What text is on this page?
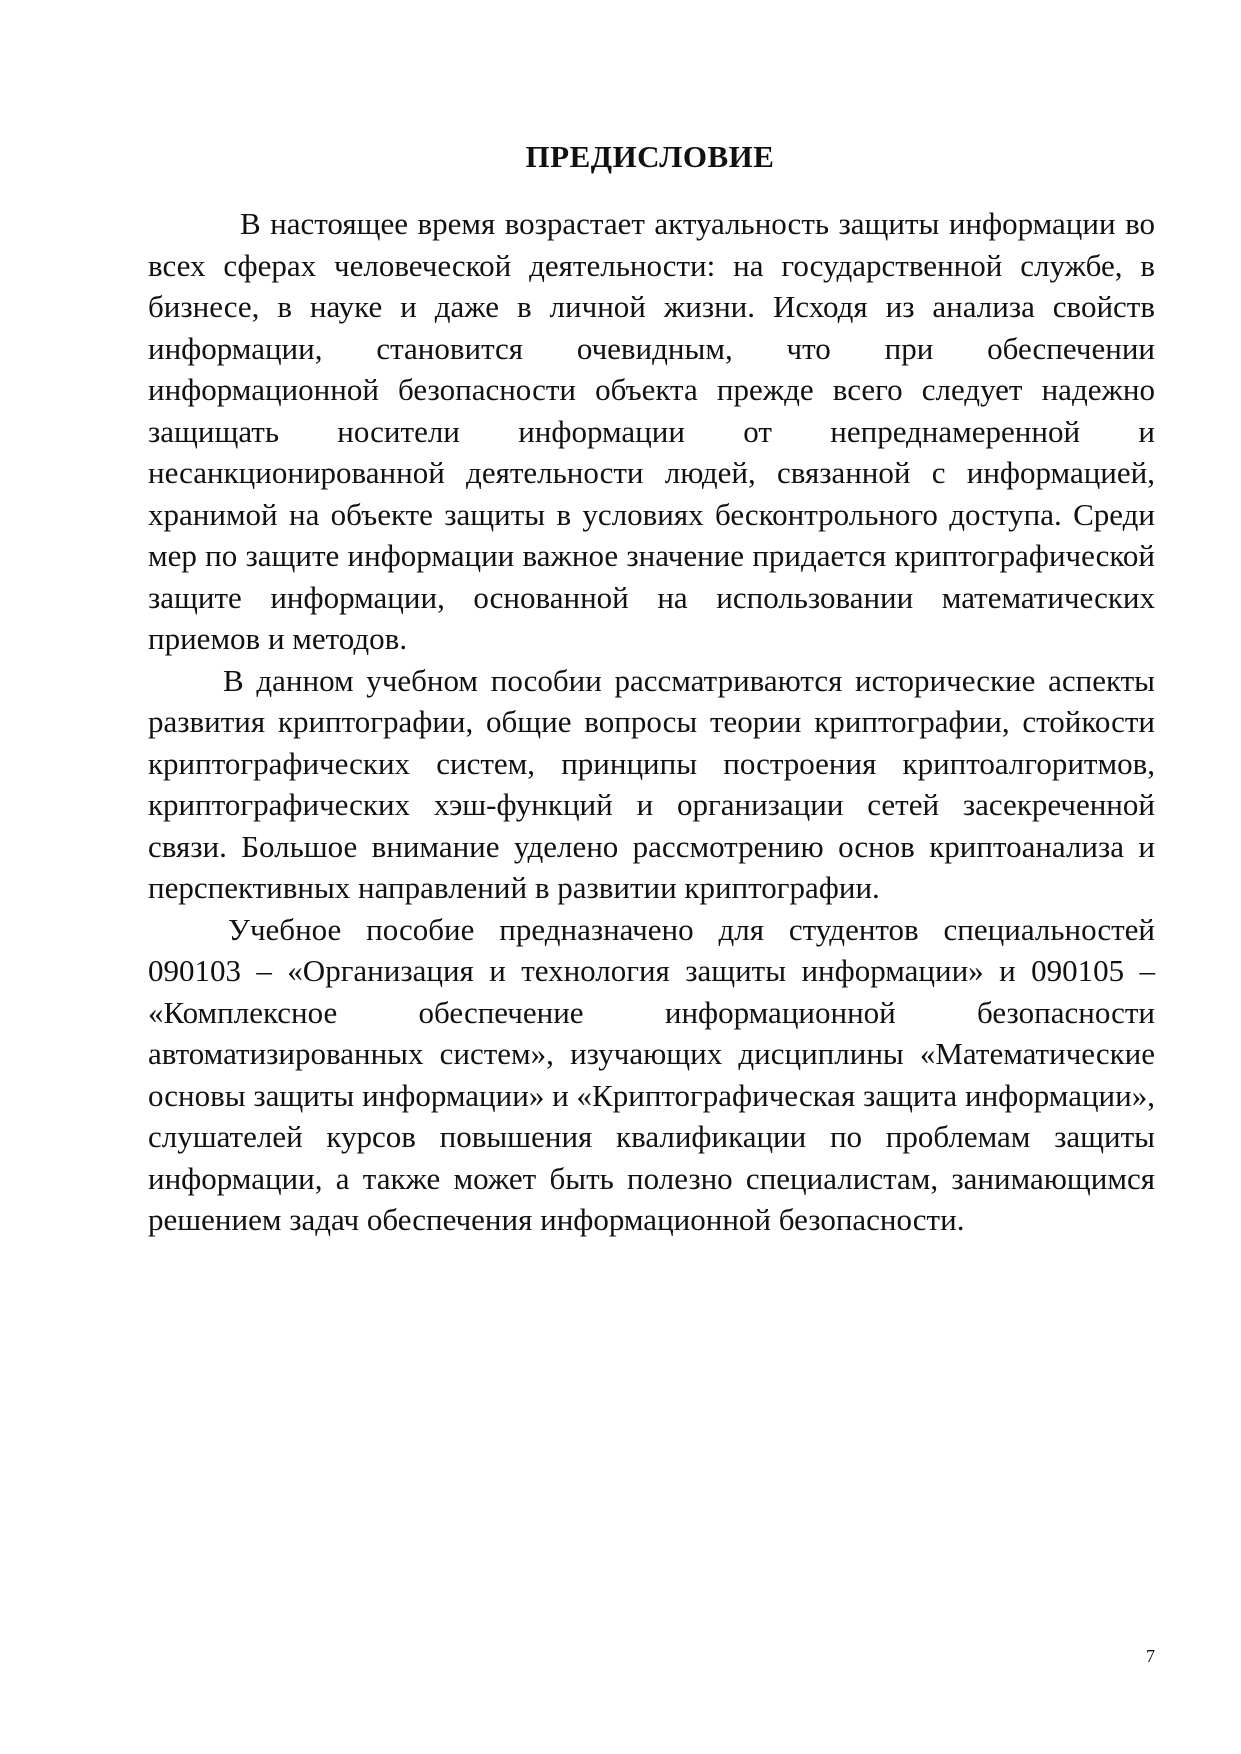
ПРЕДИСЛОВИЕ

В настоящее время возрастает актуальность защиты информации во всех сферах человеческой деятельности: на государственной службе, в бизнесе, в науке и даже в личной жизни. Исходя из анализа свойств информации, становится очевидным, что при обеспечении информационной безопасности объекта прежде всего следует надежно защищать носители информации от непреднамеренной и несанкционированной деятельности людей, связанной с информацией, хранимой на объекте защиты в условиях бесконтрольного доступа. Среди мер по защите информации важное значение придается криптографической защите информации, основанной на использовании математических приемов и методов.

В данном учебном пособии рассматриваются исторические аспекты развития криптографии, общие вопросы теории криптографии, стойкости криптографических систем, принципы построения криптоалгоритмов, криптографических хэш-функций и организации сетей засекреченной связи. Большое внимание уделено рассмотрению основ криптоанализа и перспективных направлений в развитии криптографии.

Учебное пособие предназначено для студентов специальностей 090103 – «Организация и технология защиты информации» и 090105 – «Комплексное обеспечение информационной безопасности автоматизированных систем», изучающих дисциплины «Математические основы защиты информации» и «Криптографическая защита информации», слушателей курсов повышения квалификации по проблемам защиты информации, а также может быть полезно специалистам, занимающимся решением задач обеспечения информационной безопасности.

7
